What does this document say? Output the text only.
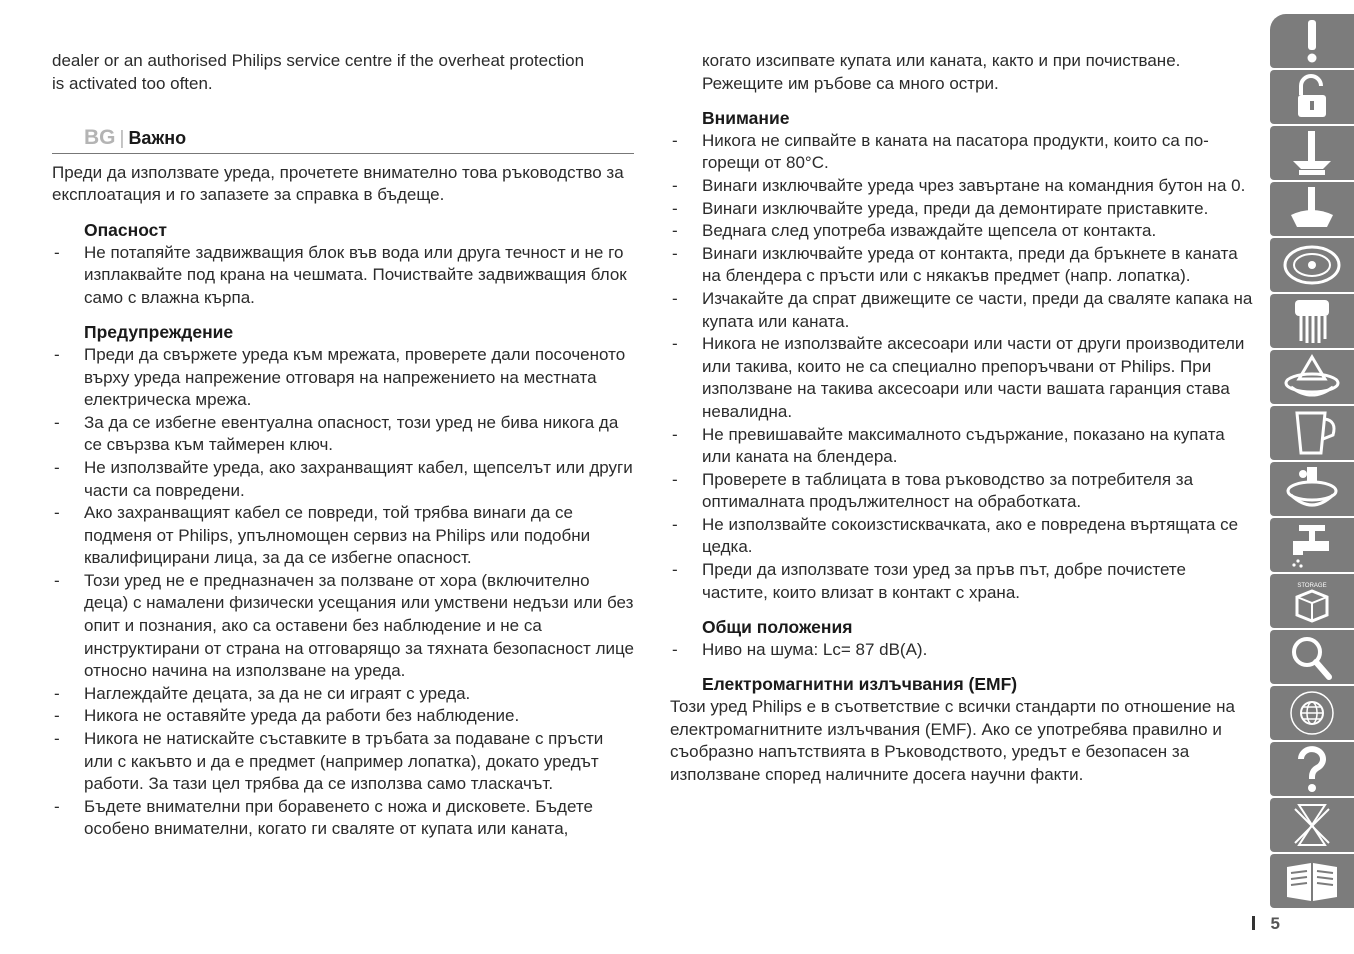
dealer or an authorised Philips service centre if the overheat protection

is activated too often.

BG | Важно

Преди да използвате уреда, прочетете внимателно това ръководство за експлоатация и го запазете за справка в бъдеще.

Опасност
- Не потапяйте задвижващия блок във вода или друга течност и не го изплаквайте под крана на чешмата. Почиствайте задвижващия блок само с влажна кърпа.
Предупреждение
- Преди да свържете уреда към мрежата, проверете дали посоченото върху уреда напрежение отговаря на напрежението на местната електрическа мрежа.
- За да се избегне евентуална опасност, този уред не бива никога да се свързва към таймерен ключ.
- Не използвайте уреда, ако захранващият кабел, щепселът или други части са повредени.
- Ако захранващият кабел се повреди, той трябва винаги да се подменя от Philips, упълномощен сервиз на Philips или подобни квалифицирани лица, за да се избегне опасност.
- Този уред не е предназначен за ползване от хора (включително деца) с намалени физически усещания или умствени недъзи или без опит и познания, ако са оставени без наблюдение и не са инструктирани от страна на отговарящо за тяхната безопасност лице относно начина на използване на уреда.
- Наглеждайте децата, за да не си играят с уреда.
- Никога не оставяйте уреда да работи без наблюдение.
- Никога не натискайте съставките в тръбата за подаване с пръсти или с какъвто и да е предмет (например лопатка), докато уредът работи. За тази цел трябва да се използва само тласкачът.
- Бъдете внимателни при боравенето с ножа и дисковете. Бъдете особено внимателни, когато ги сваляте от купата или каната,

когато изсипвате купата или каната, както и при почистване. Режещите им ръбове са много остри.

Внимание
- Никога не сипвайте в каната на пасатора продукти, които са по-горещи от 80°C.
- Винаги изключвайте уреда чрез завъртане на командния бутон на 0.
- Винаги изключвайте уреда, преди да демонтирате приставките.
- Веднага след употреба изваждайте щепсела от контакта.
- Винаги изключвайте уреда от контакта, преди да бръкнете в каната на блендера с пръсти или с някакъв предмет (напр. лопатка).
- Изчакайте да спрат движещите се части, преди да сваляте капака на купата или каната.
- Никога не използвайте аксесоари или части от други производители или такива, които не са специално препоръчвани от Philips. При използване на такива аксесоари или части вашата гаранция става невалидна.
- Не превишавайте максималното съдържание, показано на купата или каната на блендера.
- Проверете в таблицата в това ръководство за потребителя за оптималната продължителност на обработката.
- Не използвайте сокоизстисквачката, ако е повредена въртящата се цедка.
- Преди да използвате този уред за пръв път, добре почистете частите, които влизат в контакт с храна.
Общи положения
- Ниво на шума: Lc= 87 dB(A).
Електромагнитни излъчвания (EMF)

Този уред Philips е в съответствие с всички стандарти по отношение на електромагнитните излъчвания (EMF). Ако се употребява правилно и съобразно напътствията в Ръководството, уредът е безопасен за използване според наличните досега научни факти.

STORAGE
5
